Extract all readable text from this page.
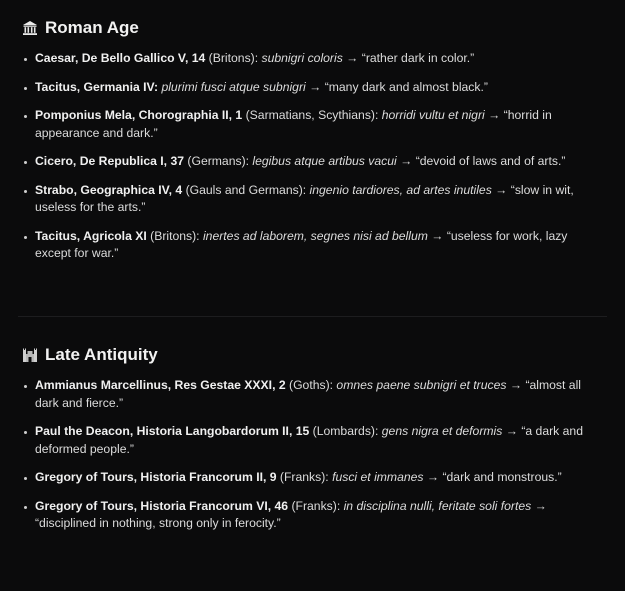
Roman Age
Caesar, De Bello Gallico V, 14 (Britons): subnigri coloris → “rather dark in color.”
Tacitus, Germania IV: plurimi fusci atque subnigri → “many dark and almost black.”
Pomponius Mela, Chorographia II, 1 (Sarmatians, Scythians): horridi vultu et nigri → “horrid in appearance and dark.”
Cicero, De Republica I, 37 (Germans): legibus atque artibus vacui → “devoid of laws and of arts.”
Strabo, Geographica IV, 4 (Gauls and Germans): ingenio tardiores, ad artes inutiles → “slow in wit, useless for the arts.”
Tacitus, Agricola XI (Britons): inertes ad laborem, segnes nisi ad bellum → “useless for work, lazy except for war.”
Late Antiquity
Ammianus Marcellinus, Res Gestae XXXI, 2 (Goths): omnes paene subnigri et truces → “almost all dark and fierce.”
Paul the Deacon, Historia Langobardorum II, 15 (Lombards): gens nigra et deformis → “a dark and deformed people.”
Gregory of Tours, Historia Francorum II, 9 (Franks): fusci et immanes → “dark and monstrous.”
Gregory of Tours, Historia Francorum VI, 46 (Franks): in disciplina nulli, feritate soli fortes → “disciplined in nothing, strong only in ferocity.”
